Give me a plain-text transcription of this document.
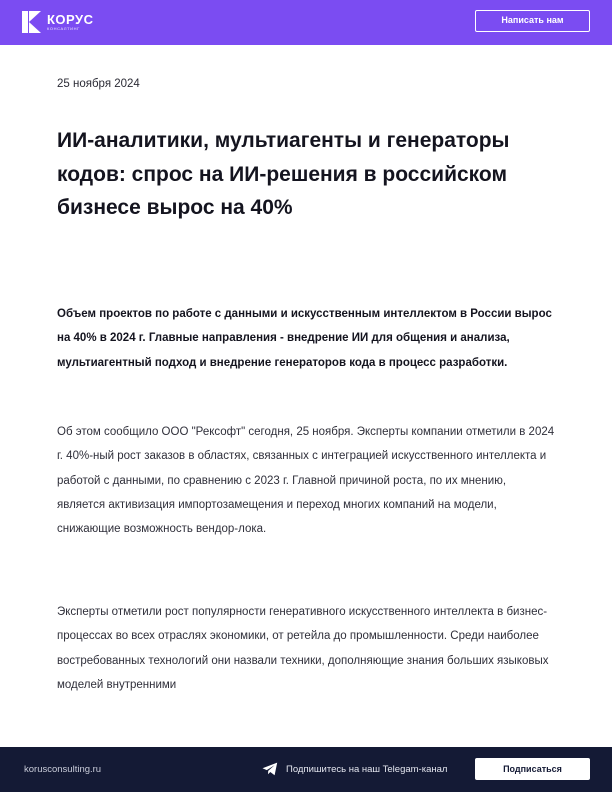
КОРУС
КОНСАЛТИНГ
Написать нам
25 ноября 2024
ИИ-аналитики, мультиагенты и генераторы кодов: спрос на ИИ-решения в российском бизнесе вырос на 40%

Объем проектов по работе с данными и искусственным интеллектом в России вырос на 40% в 2024 г. Главные направления - внедрение ИИ для общения и анализа, мультиагентный подход и внедрение генераторов кода в процесс разработки.

Об этом сообщило ООО "Рексофт" сегодня, 25 ноября. Эксперты компании отметили в 2024 г. 40%-ный рост заказов в областях, связанных с интеграцией искусственного интеллекта и работой с данными, по сравнению с 2023 г. Главной причиной роста, по их мнению, является активизация импортозамещения и переход многих компаний на модели, снижающие возможность вендор-лока.

Эксперты отметили рост популярности генеративного искусственного интеллекта в бизнес-процессах во всех отраслях экономики, от ретейла до промышленности. Среди наиболее востребованных технологий они назвали техники, дополняющие знания больших языковых моделей внутренними

korusconsulting.ru	Подпишитесь на наш Telegam-канал	Подписаться
